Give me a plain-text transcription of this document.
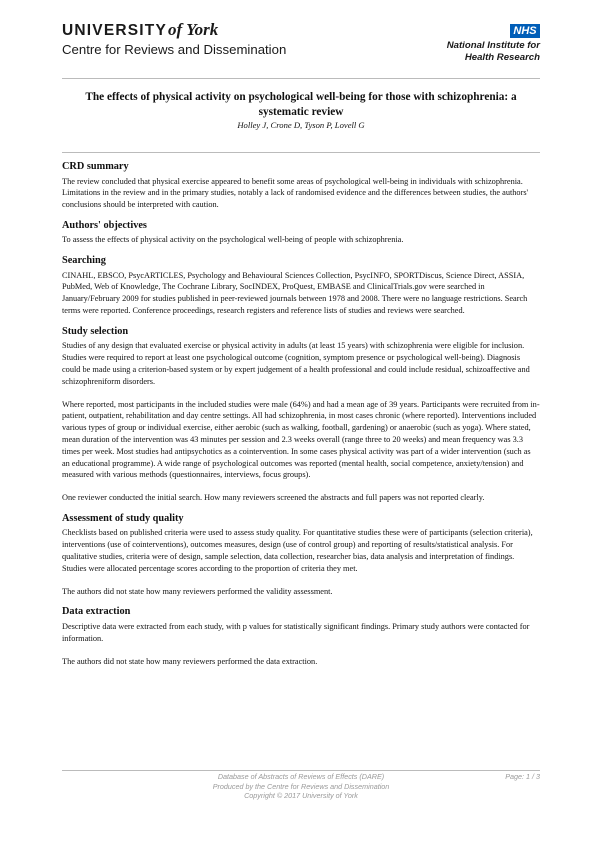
UNIVERSITYof York
Centre for Reviews and Dissemination
NHS
National Institute for
Health Research
The effects of physical activity on psychological well-being for those with schizophrenia: a systematic review
Holley J, Crone D, Tyson P, Lovell G
CRD summary

The review concluded that physical exercise appeared to benefit some areas of psychological well-being in individuals with schizophrenia. Limitations in the review and in the primary studies, notably a lack of randomised evidence and the differences between studies, the authors' conclusions should be interpreted with caution.

Authors' objectives

To assess the effects of physical activity on the psychological well-being of people with schizophrenia.

Searching

CINAHL, EBSCO, PsycARTICLES, Psychology and Behavioural Sciences Collection, PsycINFO, SPORTDiscus, Science Direct, ASSIA, PubMed, Web of Knowledge, The Cochrane Library, SocINDEX, ProQuest, EMBASE and ClinicalTrials.gov were searched in January/February 2009 for studies published in peer-reviewed journals between 1978 and 2008. There were no language restrictions. Search terms were reported. Conference proceedings, research registers and reference lists of studies and reviews were searched.

Study selection

Studies of any design that evaluated exercise or physical activity in adults (at least 15 years) with schizophrenia were eligible for inclusion. Studies were required to report at least one psychological outcome (cognition, symptom presence or psychological well-being). Diagnosis could be made using a criterion-based system or by expert judgement of a health professional and could include residual, schizoaffective and schizophreniform disorders.

Where reported, most participants in the included studies were male (64%) and had a mean age of 39 years. Participants were recruited from in-patient, outpatient, rehabilitation and day centre settings. All had schizophrenia, in most cases chronic (where reported). Interventions included various types of group or individual exercise, either aerobic (such as walking, football, gardening) or anaerobic (such as yoga). Where stated, mean duration of the intervention was 43 minutes per session and 2.3 weeks overall (range three to 20 weeks) and mean frequency was 3.3 times per week. Most studies had antipsychotics as a cointervention. In some cases physical activity was part of a wider intervention (such as an educational programme). A wide range of psychological outcomes was reported (mental health, social competence, anxiety/tension) and measured with various methods (questionnaires, interviews, focus groups).

One reviewer conducted the initial search. How many reviewers screened the abstracts and full papers was not reported clearly.

Assessment of study quality

Checklists based on published criteria were used to assess study quality. For quantitative studies these were of participants (selection criteria), interventions (use of cointerventions), outcomes measures, design (use of control group) and reporting of results/statistical analysis. For qualitative studies, criteria were of design, sample selection, data collection, researcher bias, data analysis and interpretation of findings. Studies were allocated percentage scores according to the proportion of criteria they met.

The authors did not state how many reviewers performed the validity assessment.

Data extraction

Descriptive data were extracted from each study, with p values for statistically significant findings. Primary study authors were contacted for information.

The authors did not state how many reviewers performed the data extraction.

Database of Abstracts of Reviews of Effects (DARE)
Produced by the Centre for Reviews and Dissemination
Copyright © 2017 University of York
Page: 1 / 3
